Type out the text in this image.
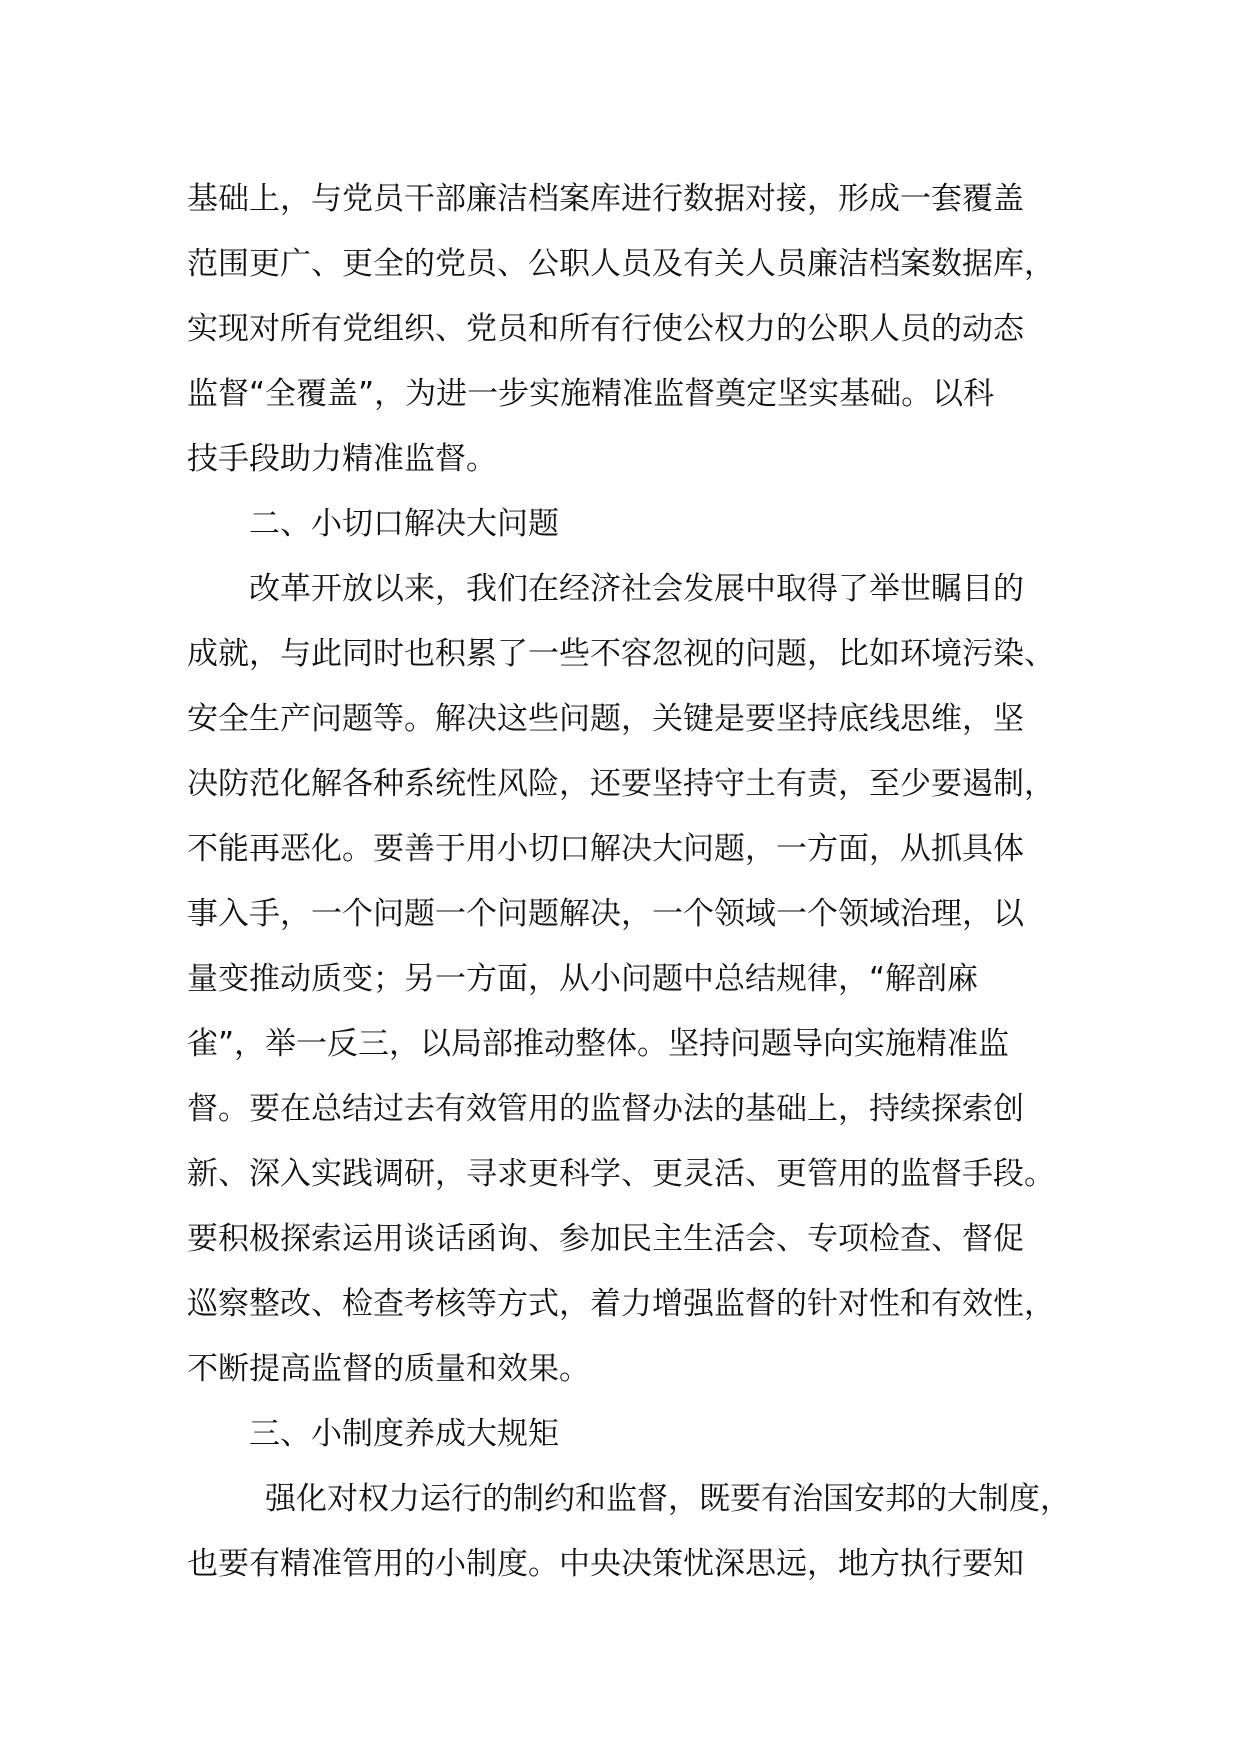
基础上，与党员干部廉洁档案库进行数据对接，形成一套覆盖
范围更广、更全的党员、公职人员及有关人员廉洁档案数据库，
实现对所有党组织、党员和所有行使公权力的公职人员的动态
监督“全覆盖”，为进一步实施精准监督奠定坚实基础。以科
技手段助力精准监督。
二、小切口解决大问题
改革开放以来，我们在经济社会发展中取得了举世瞩目的
成就，与此同时也积累了一些不容忽视的问题，比如环境污染、
安全生产问题等。解决这些问题，关键是要坚持底线思维，坚
决防范化解各种系统性风险，还要坚持守土有责，至少要遏制，
不能再恶化。要善于用小切口解决大问题，一方面，从抓具体
事入手，一个问题一个问题解决，一个领域一个领域治理，以
量变推动质变；另一方面，从小问题中总结规律，“解剖麻
雀”，举一反三，以局部推动整体。坚持问题导向实施精准监
督。要在总结过去有效管用的监督办法的基础上，持续探索创
新、深入实践调研，寻求更科学、更灵活、更管用的监督手段。
要积极探索运用谈话函询、参加民主生活会、专项检查、督促
巡察整改、检查考核等方式，着力增强监督的针对性和有效性，
不断提高监督的质量和效果。
三、小制度养成大规矩
强化对权力运行的制约和监督，既要有治国安邦的大制度，
也要有精准管用的小制度。中央决策忧深思远，地方执行要知
